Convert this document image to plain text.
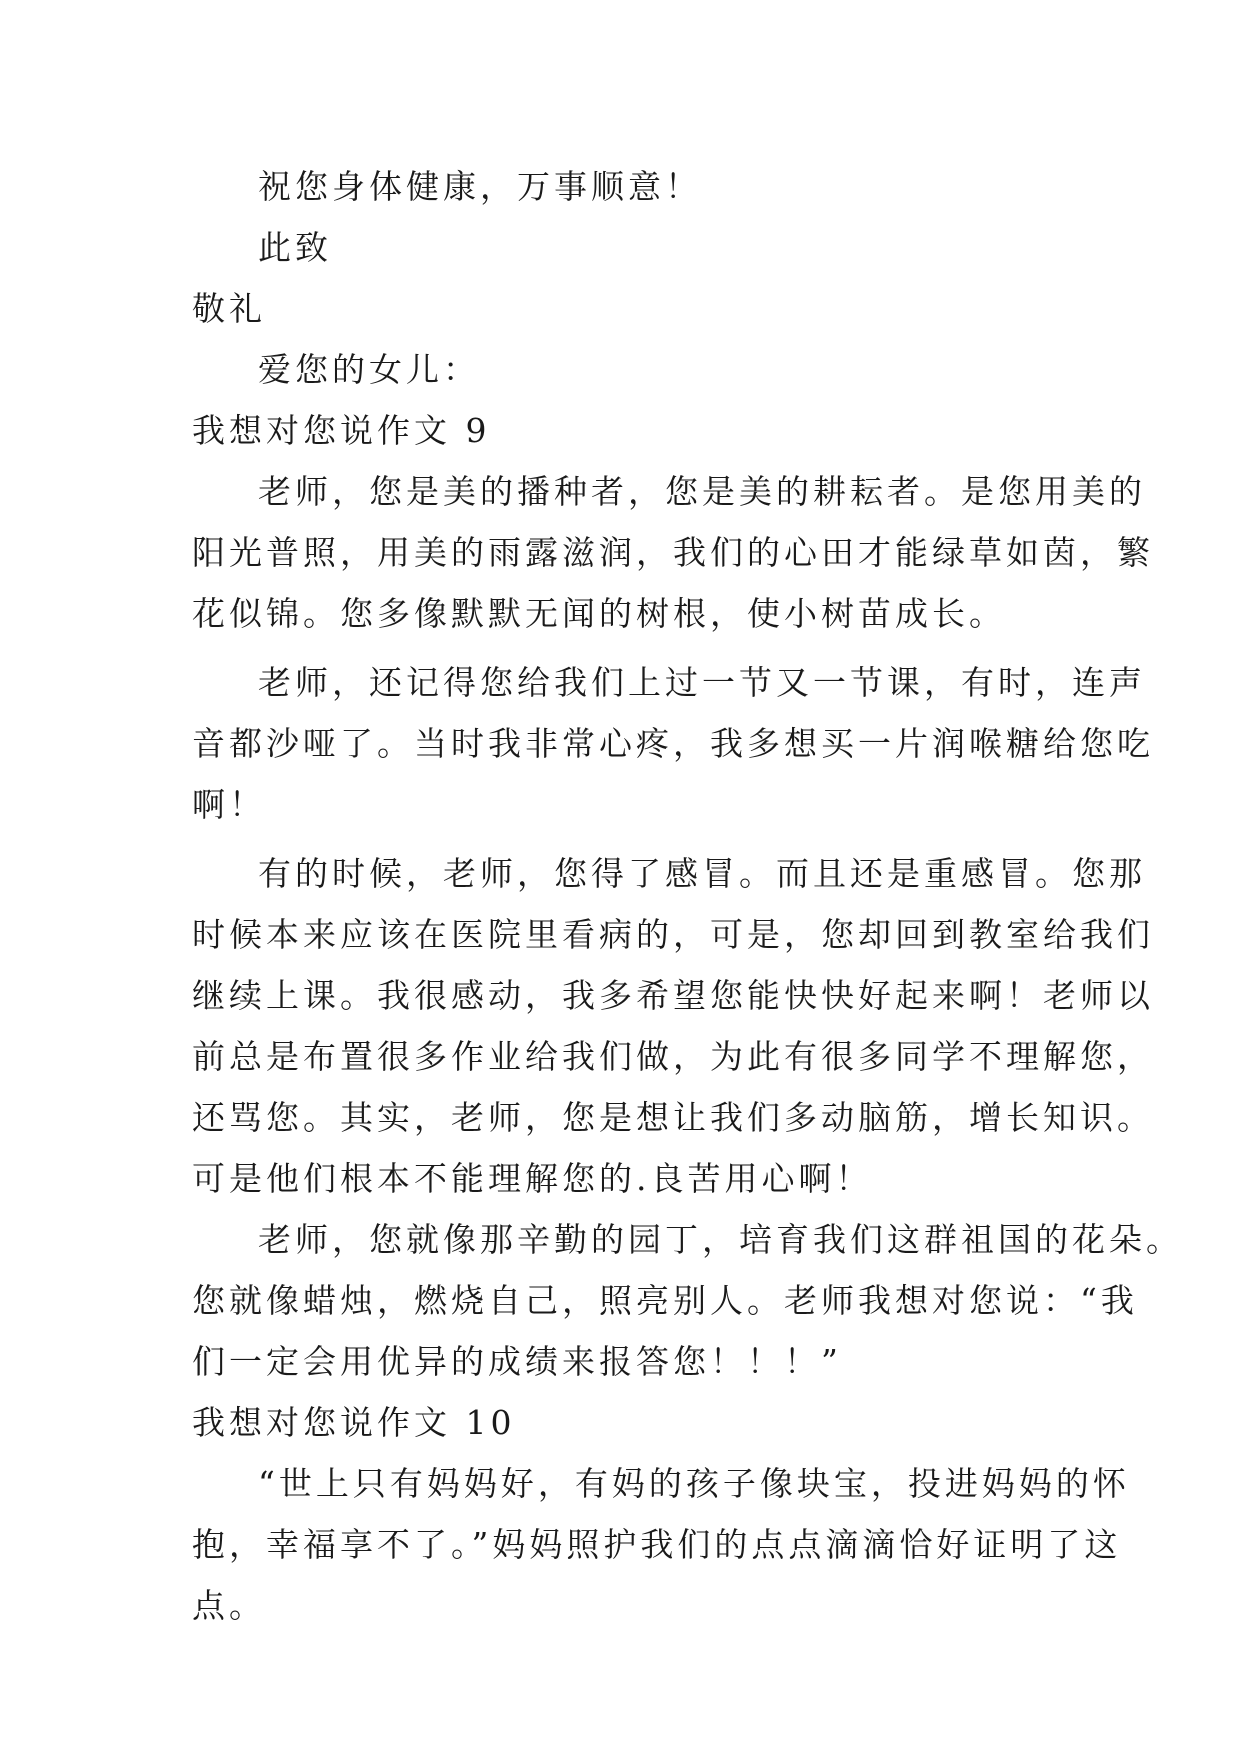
祝您身体健康，万事顺意！
此致
敬礼
爱您的女儿：
我想对您说作文 9
老师，您是美的播种者，您是美的耕耘者。是您用美的
阳光普照，用美的雨露滋润，我们的心田才能绿草如茵，繁
花似锦。您多像默默无闻的树根，使小树苗成长。
老师，还记得您给我们上过一节又一节课，有时，连声
音都沙哑了。当时我非常心疼，我多想买一片润喉糖给您吃
啊！
有的时候，老师，您得了感冒。而且还是重感冒。您那
时候本来应该在医院里看病的，可是，您却回到教室给我们
继续上课。我很感动，我多希望您能快快好起来啊！老师以
前总是布置很多作业给我们做，为此有很多同学不理解您，
还骂您。其实，老师，您是想让我们多动脑筋，增长知识。
可是他们根本不能理解您的.良苦用心啊！
老师，您就像那辛勤的园丁，培育我们这群祖国的花朵。
您就像蜡烛，燃烧自己，照亮别人。老师我想对您说：“我
们一定会用优异的成绩来报答您！！！”
我想对您说作文 10
“世上只有妈妈好，有妈的孩子像块宝，投进妈妈的怀
抱，幸福享不了。”妈妈照护我们的点点滴滴恰好证明了这
点。
